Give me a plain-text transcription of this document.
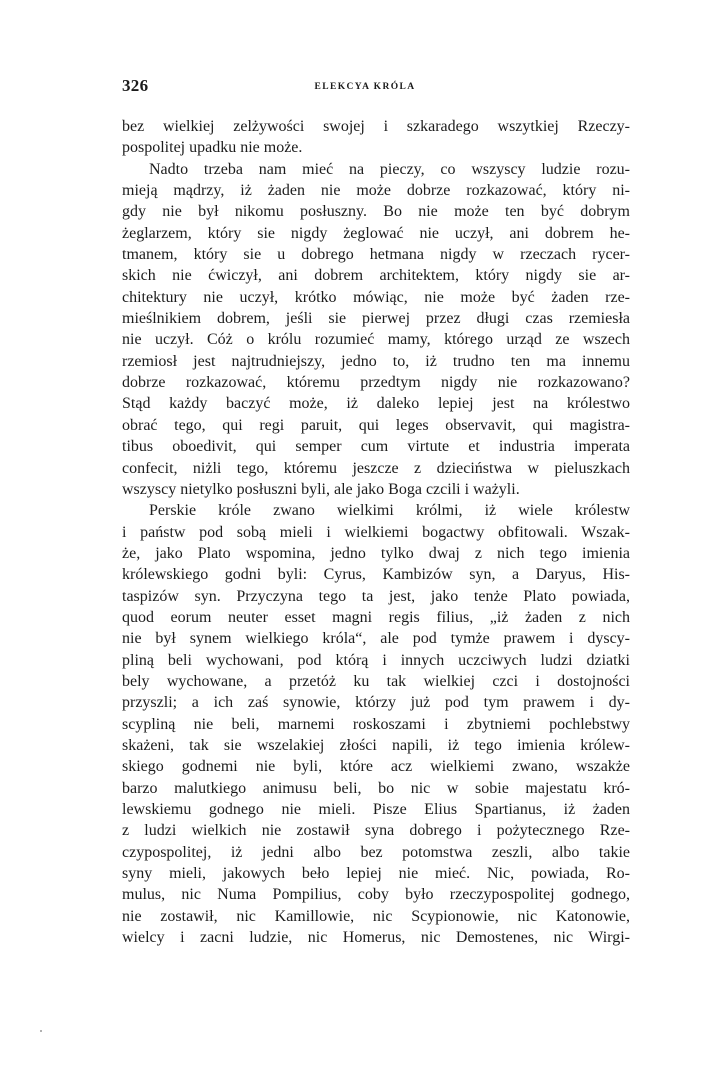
326	ELEKCYA KRÓLA
bez wielkiej zelżywości swojej i szkaradego wszytkiej Rzeczy-
pospolitej upadku nie może.
Nadto trzeba nam mieć na pieczy, co wszyscy ludzie rozu-
mieją mądrzy, iż żaden nie może dobrze rozkazować, który ni-
gdy nie był nikomu posłuszny. Bo nie może ten być dobrym
żeglarzem, który sie nigdy żeglować nie uczył, ani dobrem he-
tmanem, który sie u dobrego hetmana nigdy w rzeczach rycer-
skich nie ćwiczył, ani dobrem architektem, który nigdy sie ar-
chitektury nie uczył, krótko mówiąc, nie może być żaden rze-
mieślnikiem dobrem, jeśli sie pierwej przez długi czas rzemiesła
nie uczył. Cóż o królu rozumieć mamy, którego urząd ze wszech
rzemiosł jest najtrudniejszy, jedno to, iż trudno ten ma innemu
dobrze rozkazować, któremu przedtym nigdy nie rozkazowano?
Stąd każdy baczyć może, iż daleko lepiej jest na królestwo
obrać tego, qui regi paruit, qui leges observavit, qui magistra-
tibus oboedivit, qui semper cum virtute et industria imperata
confecit, niżli tego, któremu jeszcze z dzieciństwa w pieluszkach
wszyscy nietylko posłuszni byli, ale jako Boga czcili i ważyli.
Perskie króle zwano wielkimi królmi, iż wiele królestw
i państw pod sobą mieli i wielkiemi bogactwy obfitowali. Wszak-
że, jako Plato wspomina, jedno tylko dwaj z nich tego imienia
królewskiego godni byli: Cyrus, Kambizów syn, a Daryus, His-
taspizów syn. Przyczyna tego ta jest, jako tenże Plato powiada,
quod eorum neuter esset magni regis filius, „iż żaden z nich
nie był synem wielkiego króla“, ale pod tymże prawem i dyscy-
pliną beli wychowani, pod którą i innych uczciwych ludzi dziatki
bely wychowane, a przetóż ku tak wielkiej czci i dostojności
przyszli; a ich zaś synowie, którzy już pod tym prawem i dy-
scypliną nie beli, marnemi roskoszami i zbytniemi pochlebstwy
skażeni, tak sie wszelakiej złości napili, iż tego imienia królew-
skiego godnemi nie byli, które acz wielkiemi zwano, wszakże
barzo malutkiego animusu beli, bo nic w sobie majestatu kró-
lewskiemu godnego nie mieli. Pisze Elius Spartianus, iż żaden
z ludzi wielkich nie zostawił syna dobrego i pożytecznego Rze-
czypospolitej, iż jedni albo bez potomstwa zeszli, albo takie
syny mieli, jakowych beło lepiej nie mieć. Nic, powiada, Ro-
mulus, nic Numa Pompilius, coby było rzeczypospolitej godnego,
nie zostawił, nic Kamillowie, nic Scypionowie, nic Katonowie,
wielcy i zacni ludzie, nic Homerus, nic Demostenes, nic Wirgi-
